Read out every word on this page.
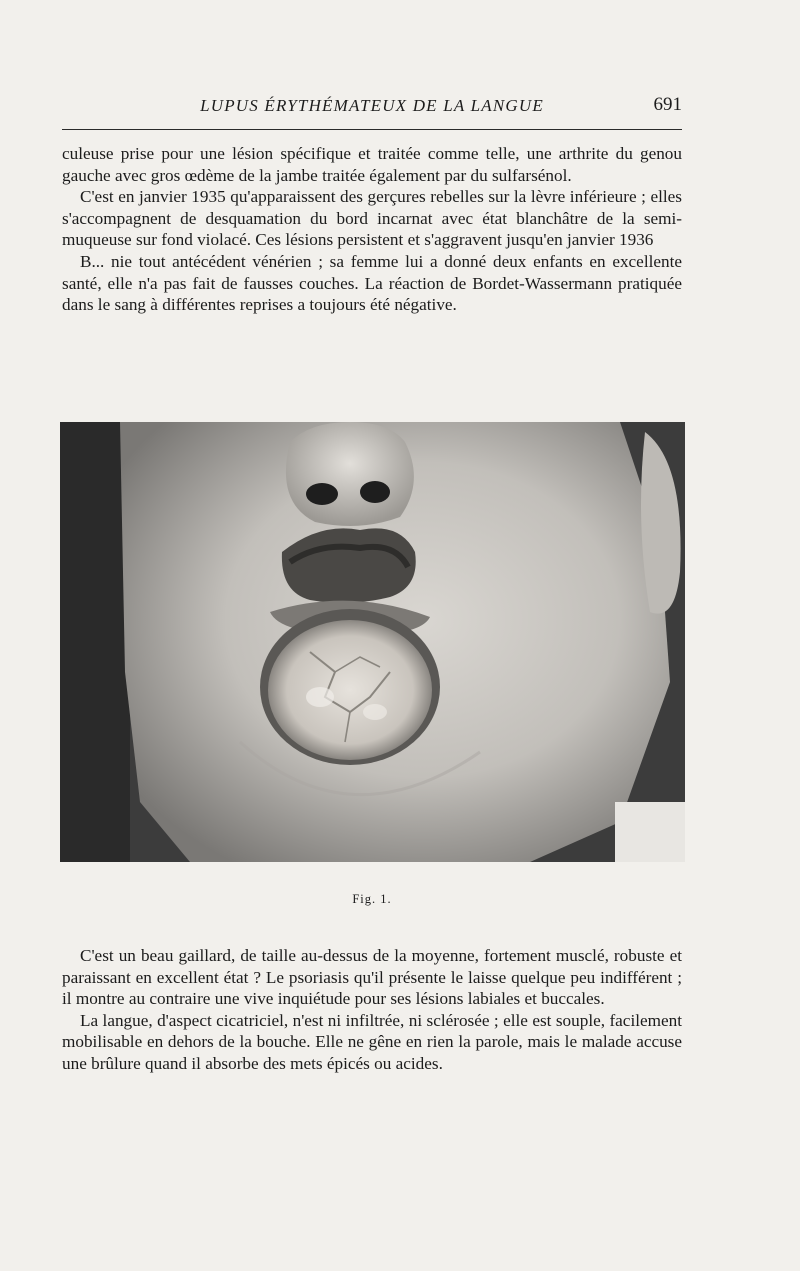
LUPUS ÉRYTHÉMATEUX DE LA LANGUE	691

culeuse prise pour une lésion spécifique et traitée comme telle, une arthrite du genou gauche avec gros œdème de la jambe traitée également par du sulfarsénol.

C'est en janvier 1935 qu'apparaissent des gerçures rebelles sur la lèvre inférieure ; elles s'accompagnent de desquamation du bord incarnat avec état blanchâtre de la semi-muqueuse sur fond violacé. Ces lésions persistent et s'aggravent jusqu'en janvier 1936

B... nie tout antécédent vénérien ; sa femme lui a donné deux enfants en excellente santé, elle n'a pas fait de fausses couches. La réaction de Bordet-Wassermann pratiquée dans le sang à différentes reprises a toujours été négative.

Fig. 1.

C'est un beau gaillard, de taille au-dessus de la moyenne, fortement musclé, robuste et paraissant en excellent état ? Le psoriasis qu'il présente le laisse quelque peu indifférent ; il montre au contraire une vive inquiétude pour ses lésions labiales et buccales.

La langue, d'aspect cicatriciel, n'est ni infiltrée, ni sclérosée ; elle est souple, facilement mobilisable en dehors de la bouche. Elle ne gêne en rien la parole, mais le malade accuse une brûlure quand il absorbe des mets épicés ou acides.
